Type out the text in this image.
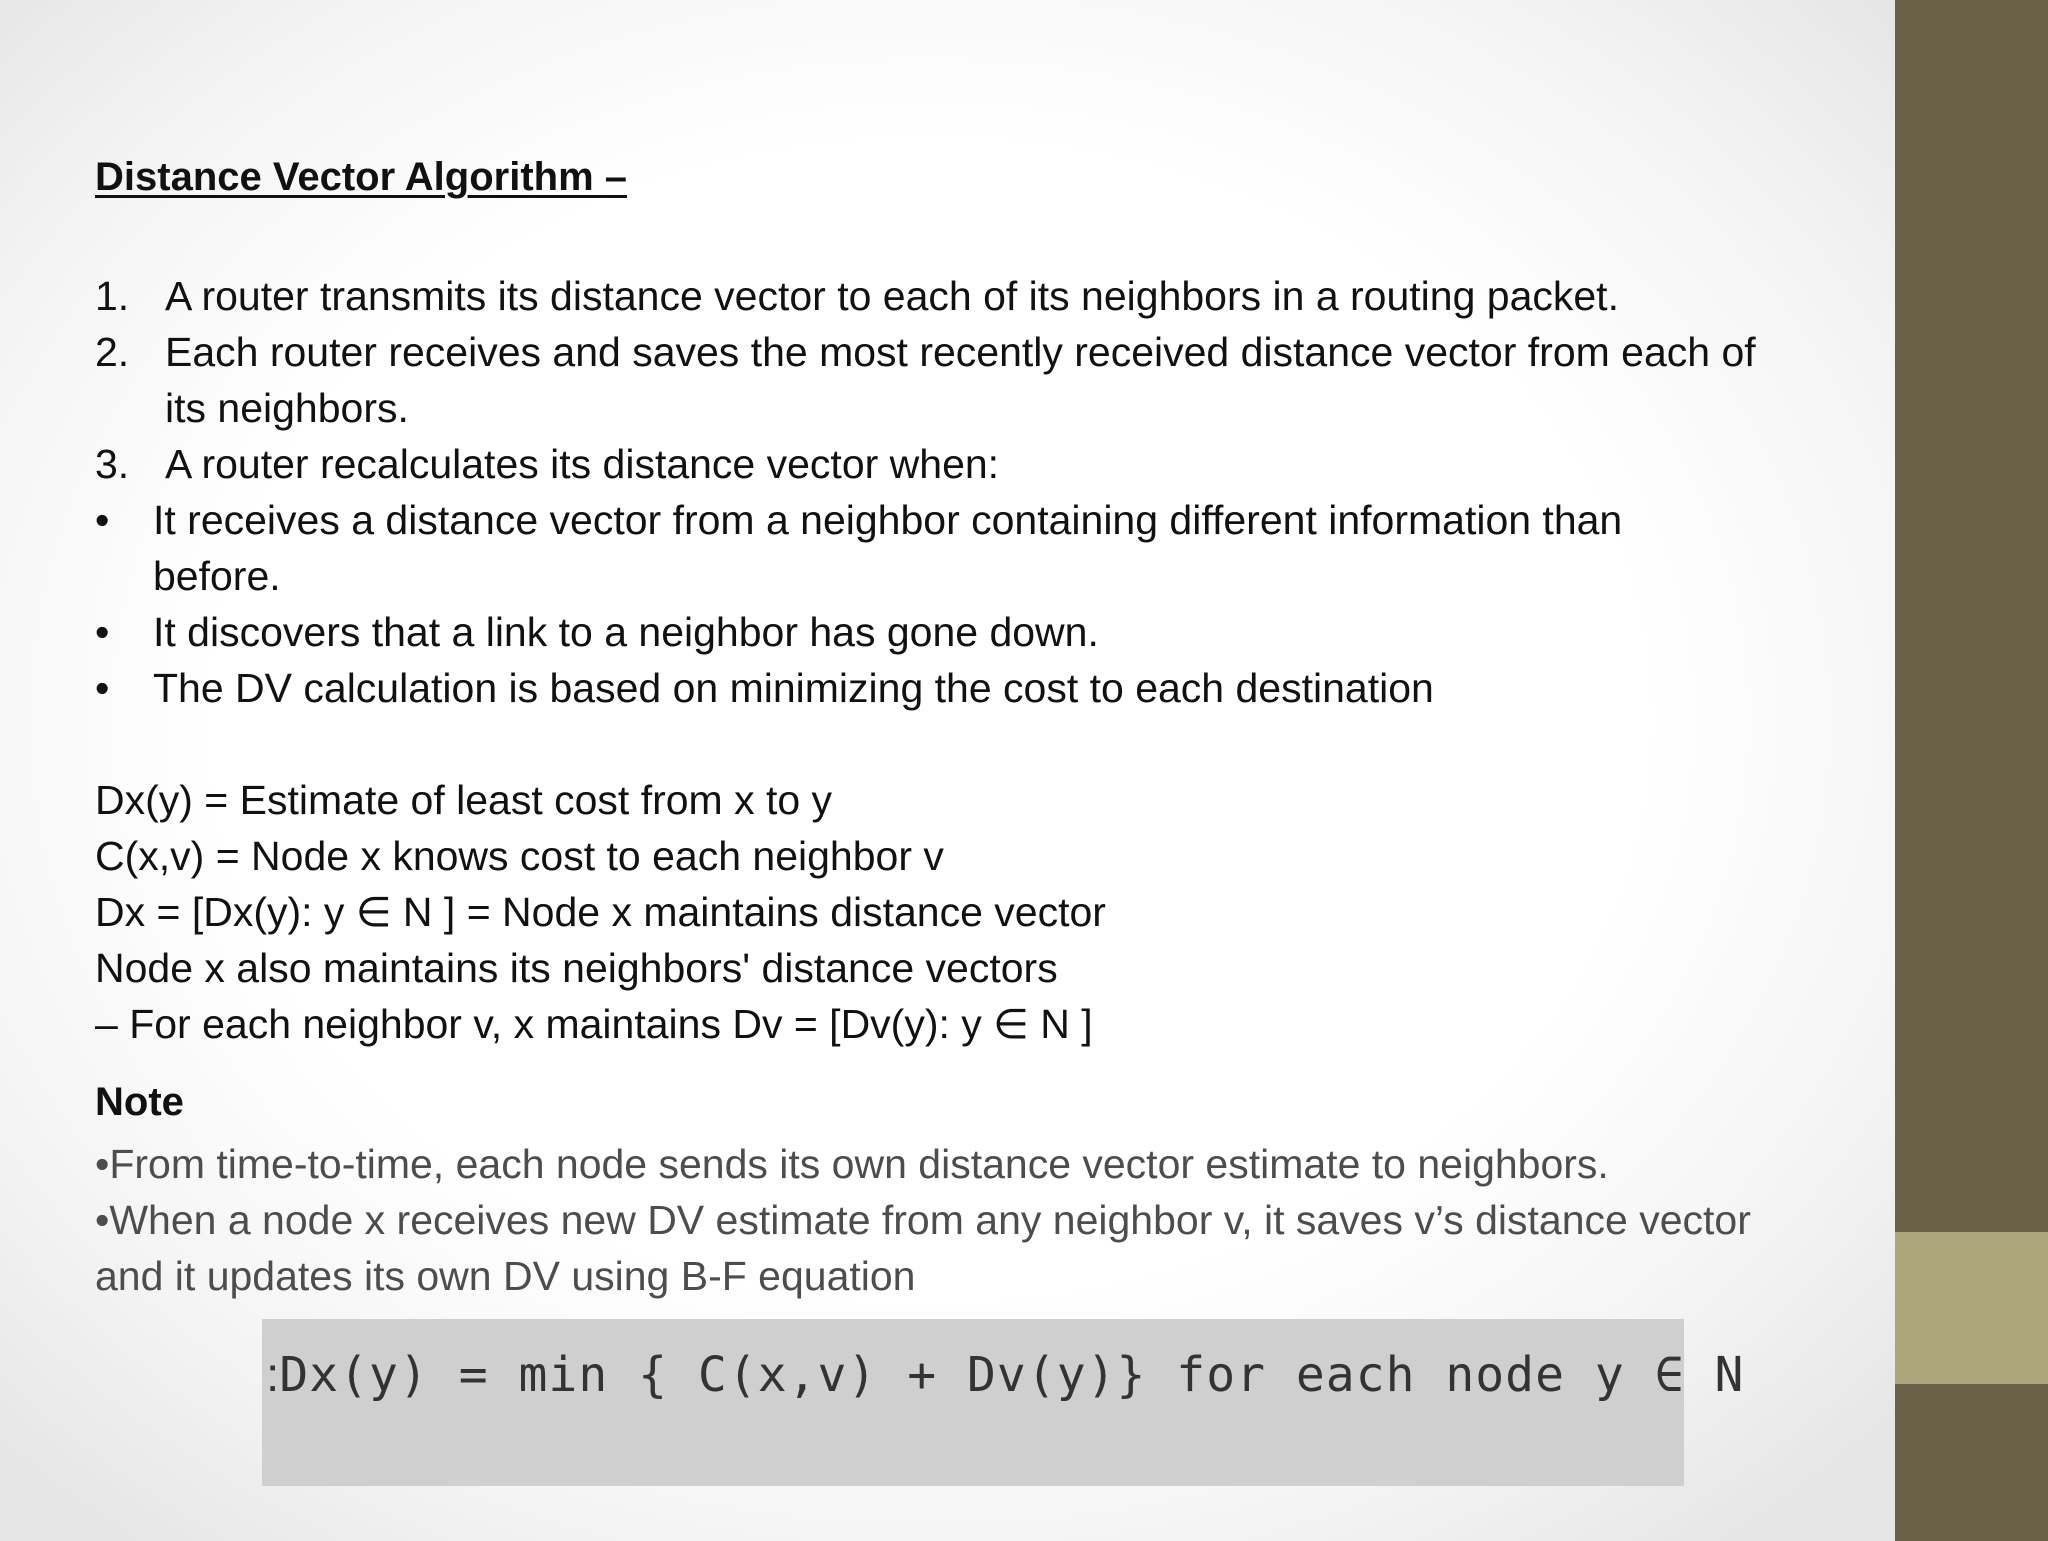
Distance Vector Algorithm –
1. A router transmits its distance vector to each of its neighbors in a routing packet.
2. Each router receives and saves the most recently received distance vector from each of
its neighbors.
3. A router recalculates its distance vector when:
•	It receives a distance vector from a neighbor containing different information than
before.
•	It discovers that a link to a neighbor has gone down.
•	The DV calculation is based on minimizing the cost to each destination
Dx(y) = Estimate of least cost from x to y
C(x,v) = Node x knows cost to each neighbor v
Dx = [Dx(y): y ∈ N ] = Node x maintains distance vector
Node x also maintains its neighbors' distance vectors
– For each neighbor v, x maintains Dv = [Dv(y): y ∈ N ]
Note
•From time-to-time, each node sends its own distance vector estimate to neighbors.
•When a node x receives new DV estimate from any neighbor v, it saves v’s distance vector
and it updates its own DV using B-F equation
:Dx(y) = min { C(x,v) + Dv(y)} for each node y ∈ N
